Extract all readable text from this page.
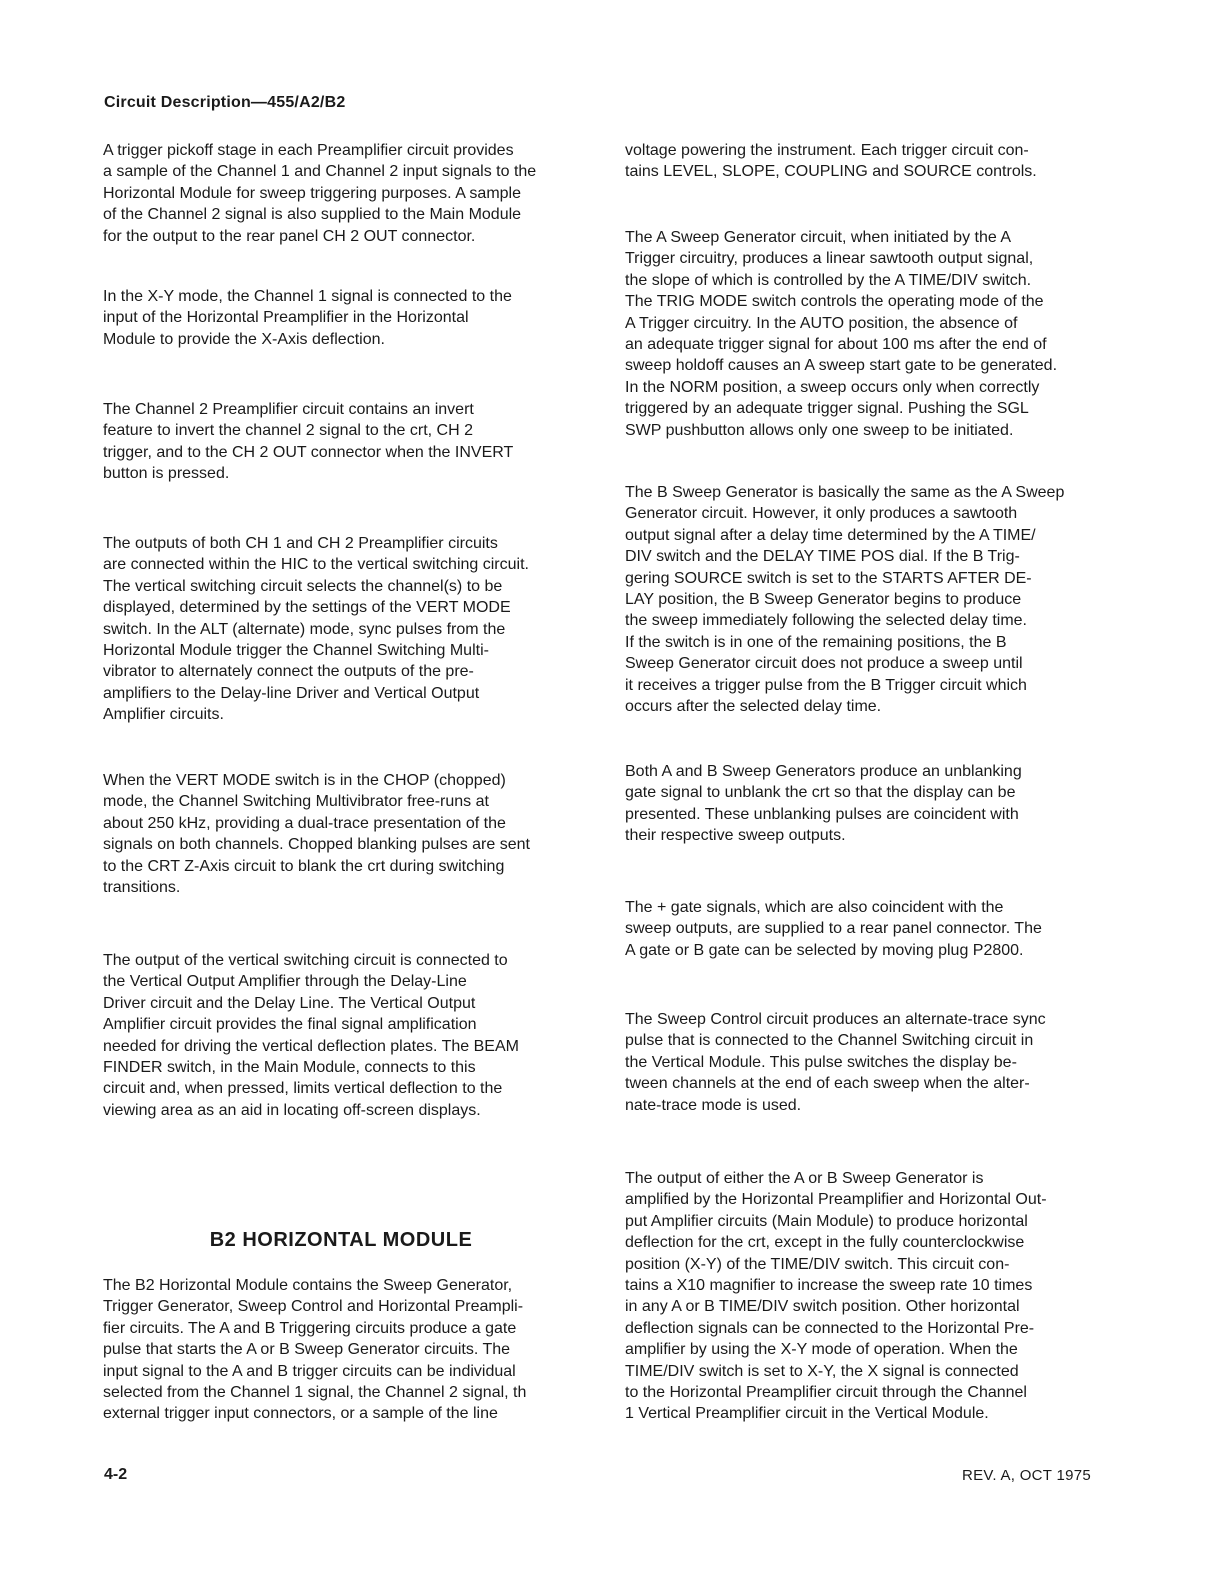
Circuit Description—455/A2/B2

A trigger pickoff stage in each Preamplifier circuit provides
a sample of the Channel 1 and Channel 2 input signals to the
Horizontal Module for sweep triggering purposes. A sample
of the Channel 2 signal is also supplied to the Main Module
for the output to the rear panel CH 2 OUT connector.

In the X-Y mode, the Channel 1 signal is connected to the
input of the Horizontal Preamplifier in the Horizontal
Module to provide the X-Axis deflection.

The Channel 2 Preamplifier circuit contains an invert
feature to invert the channel 2 signal to the crt, CH 2
trigger, and to the CH 2 OUT connector when the INVERT
button is pressed.

The outputs of both CH 1 and CH 2 Preamplifier circuits
are connected within the HIC to the vertical switching circuit.
The vertical switching circuit selects the channel(s) to be
displayed, determined by the settings of the VERT MODE
switch. In the ALT (alternate) mode, sync pulses from the
Horizontal Module trigger the Channel Switching Multi-
vibrator to alternately connect the outputs of the pre-
amplifiers to the Delay-line Driver and Vertical Output
Amplifier circuits.

When the VERT MODE switch is in the CHOP (chopped)
mode, the Channel Switching Multivibrator free-runs at
about 250 kHz, providing a dual-trace presentation of the
signals on both channels. Chopped blanking pulses are sent
to the CRT Z-Axis circuit to blank the crt during switching
transitions.

The output of the vertical switching circuit is connected to
the Vertical Output Amplifier through the Delay-Line
Driver circuit and the Delay Line. The Vertical Output
Amplifier circuit provides the final signal amplification
needed for driving the vertical deflection plates. The BEAM
FINDER switch, in the Main Module, connects to this
circuit and, when pressed, limits vertical deflection to the
viewing area as an aid in locating off-screen displays.

B2 HORIZONTAL MODULE

The B2 Horizontal Module contains the Sweep Generator,
Trigger Generator, Sweep Control and Horizontal Preampli-
fier circuits. The A and B Triggering circuits produce a gate
pulse that starts the A or B Sweep Generator circuits. The
input signal to the A and B trigger circuits can be individual
selected from the Channel 1 signal, the Channel 2 signal, th
external trigger input connectors, or a sample of the line

voltage powering the instrument. Each trigger circuit con-
tains LEVEL, SLOPE, COUPLING and SOURCE controls.

The A Sweep Generator circuit, when initiated by the A
Trigger circuitry, produces a linear sawtooth output signal,
the slope of which is controlled by the A TIME/DIV switch.
The TRIG MODE switch controls the operating mode of the
A Trigger circuitry. In the AUTO position, the absence of
an adequate trigger signal for about 100 ms after the end of
sweep holdoff causes an A sweep start gate to be generated.
In the NORM position, a sweep occurs only when correctly
triggered by an adequate trigger signal. Pushing the SGL
SWP pushbutton allows only one sweep to be initiated.

The B Sweep Generator is basically the same as the A Sweep
Generator circuit. However, it only produces a sawtooth
output signal after a delay time determined by the A TIME/
DIV switch and the DELAY TIME POS dial. If the B Trig-
gering SOURCE switch is set to the STARTS AFTER DE-
LAY position, the B Sweep Generator begins to produce
the sweep immediately following the selected delay time.
If the switch is in one of the remaining positions, the B
Sweep Generator circuit does not produce a sweep until
it receives a trigger pulse from the B Trigger circuit which
occurs after the selected delay time.

Both A and B Sweep Generators produce an unblanking
gate signal to unblank the crt so that the display can be
presented. These unblanking pulses are coincident with
their respective sweep outputs.

The + gate signals, which are also coincident with the
sweep outputs, are supplied to a rear panel connector. The
A gate or B gate can be selected by moving plug P2800.

The Sweep Control circuit produces an alternate-trace sync
pulse that is connected to the Channel Switching circuit in
the Vertical Module. This pulse switches the display be-
tween channels at the end of each sweep when the alter-
nate-trace mode is used.

The output of either the A or B Sweep Generator is
amplified by the Horizontal Preamplifier and Horizontal Out-
put Amplifier circuits (Main Module) to produce horizontal
deflection for the crt, except in the fully counterclockwise
position (X-Y) of the TIME/DIV switch. This circuit con-
tains a X10 magnifier to increase the sweep rate 10 times
in any A or B TIME/DIV switch position. Other horizontal
deflection signals can be connected to the Horizontal Pre-
amplifier by using the X-Y mode of operation. When the
TIME/DIV switch is set to X-Y, the X signal is connected
to the Horizontal Preamplifier circuit through the Channel
1 Vertical Preamplifier circuit in the Vertical Module.

4-2	REV. A, OCT 1975
